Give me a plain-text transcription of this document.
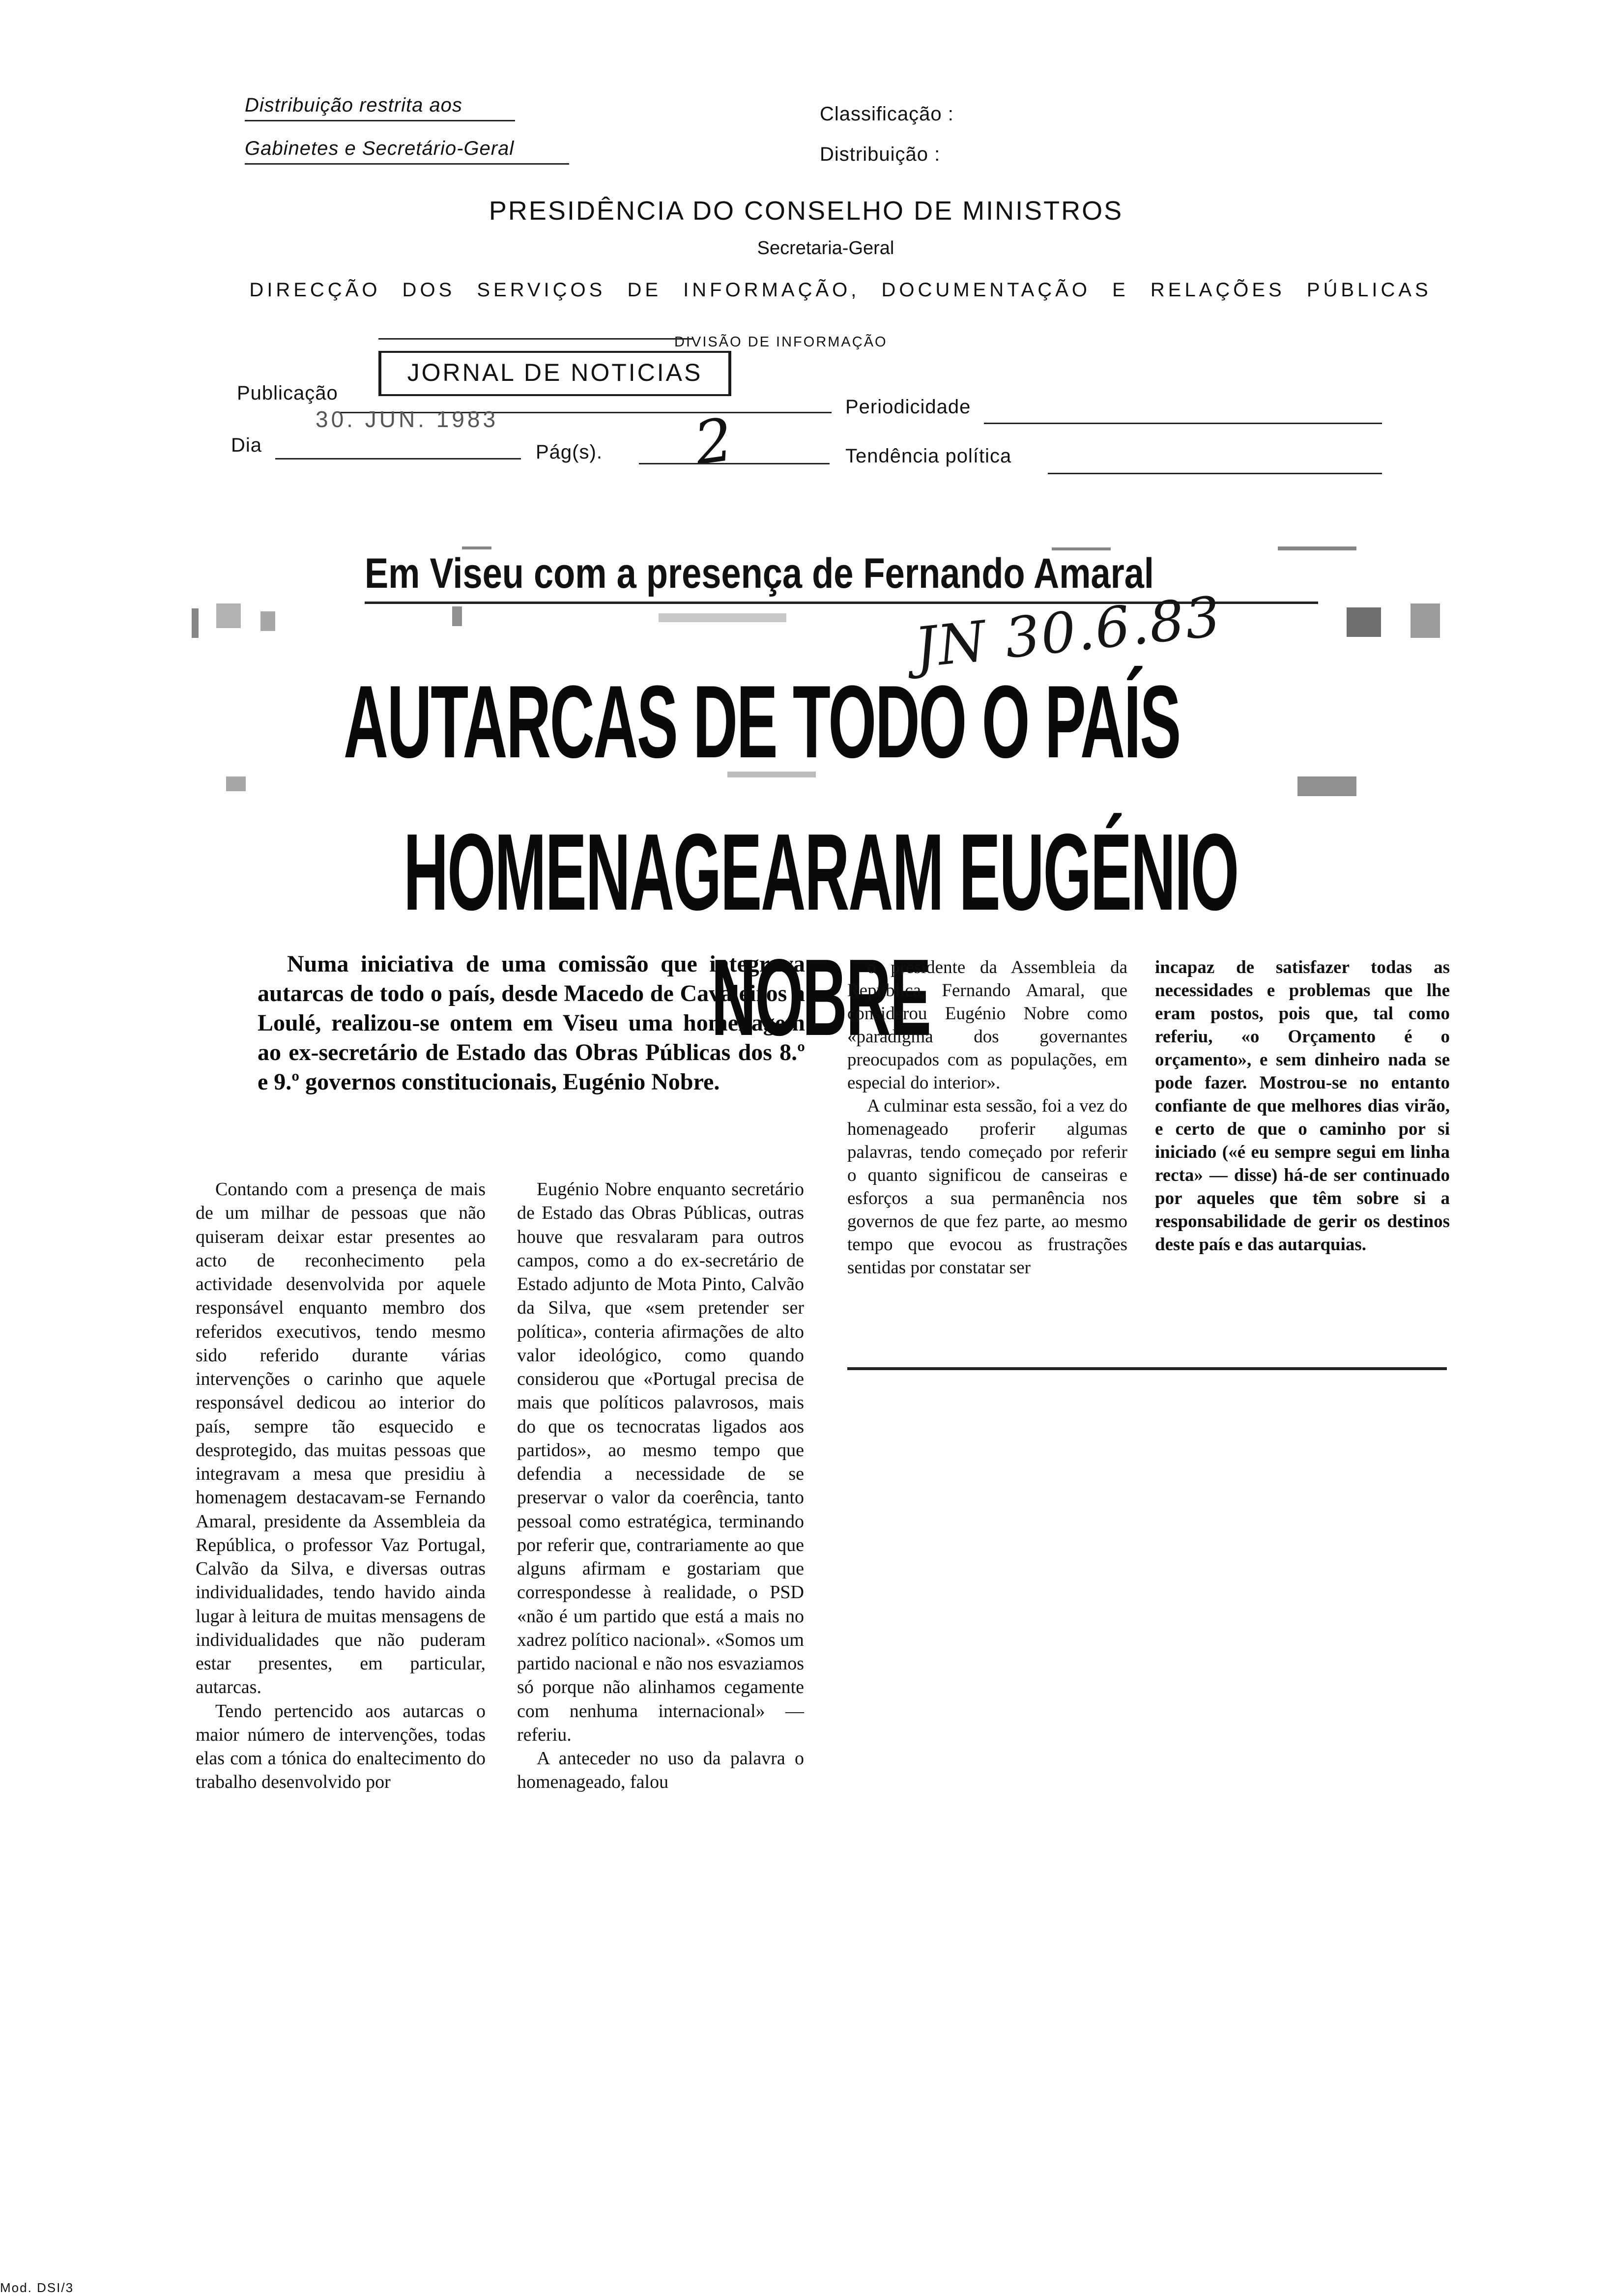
Distribuição restrita aos
Gabinetes e Secretário-Geral
Classificação :
Distribuição :
PRESIDÊNCIA DO CONSELHO DE MINISTROS
Secretaria-Geral
DIRECÇÃO DOS SERVIÇOS DE INFORMAÇÃO, DOCUMENTAÇÃO E RELAÇÕES PÚBLICAS
DIVISÃO DE INFORMAÇÃO
Publicação
JORNAL DE NOTICIAS
Periodicidade
Dia
30. JUN. 1983
Pág(s). 2	Tendência política
Em Viseu com a presença de Fernando Amaral
JN 30.6.83
AUTARCAS DE TODO O PAÍS
HOMENAGEARAM EUGÉNIO NOBRE
Numa iniciativa de uma comissão que integrava autarcas de todo o país, desde Macedo de Cavaleiros a Loulé, realizou-se ontem em Viseu uma homenagem ao ex-secretário de Estado das Obras Públicas dos 8.º e 9.º governos constitucionais, Eugénio Nobre.

Contando com a presença de mais de um milhar de pessoas que não quiseram deixar estar presentes ao acto de reconhecimento pela actividade desenvolvida por aquele responsável enquanto membro dos referidos executivos, tendo mesmo sido referido durante várias intervenções o carinho que aquele responsável dedicou ao interior do país, sempre tão esquecido e desprotegido, das muitas pessoas que integravam a mesa que presidiu à homenagem destacavam-se Fernando Amaral, presidente da Assembleia da República, o professor Vaz Portugal, Calvão da Silva, e diversas outras individualidades, tendo havido ainda lugar à leitura de muitas mensagens de individualidades que não puderam estar presentes, em particular, autarcas.

Tendo pertencido aos autarcas o maior número de intervenções, todas elas com a tónica do enaltecimento do trabalho desenvolvido por

Eugénio Nobre enquanto secretário de Estado das Obras Públicas, outras houve que resvalaram para outros campos, como a do ex-secretário de Estado adjunto de Mota Pinto, Calvão da Silva, que «sem pretender ser política», conteria afirmações de alto valor ideológico, como quando considerou que «Portugal precisa de mais que políticos palavrosos, mais do que os tecnocratas ligados aos partidos», ao mesmo tempo que defendia a necessidade de se preservar o valor da coerência, tanto pessoal como estratégica, terminando por referir que, contrariamente ao que alguns afirmam e gostariam que correspondesse à realidade, o PSD «não é um partido que está a mais no xadrez político nacional». «Somos um partido nacional e não nos esvaziamos só porque não alinhamos cegamente com nenhuma internacional» — referiu.

A anteceder no uso da palavra o homenageado, falou

o presidente da Assembleia da República, Fernando Amaral, que considerou Eugénio Nobre como «paradigma dos governantes preocupados com as populações, em especial do interior».

A culminar esta sessão, foi a vez do homenageado proferir algumas palavras, tendo começado por referir o quanto significou de canseiras e esforços a sua permanência nos governos de que fez parte, ao mesmo tempo que evocou as frustrações sentidas por constatar ser

incapaz de satisfazer todas as necessidades e problemas que lhe eram postos, pois que, tal como referiu, «o Orçamento é o orçamento», e sem dinheiro nada se pode fazer. Mostrou-se no entanto confiante de que melhores dias virão, e certo de que o caminho por si iniciado («é eu sempre segui em linha recta» — disse) há-de ser continuado por aqueles que têm sobre si a responsabilidade de gerir os destinos deste país e das autarquias.

Mod. DSI/3
